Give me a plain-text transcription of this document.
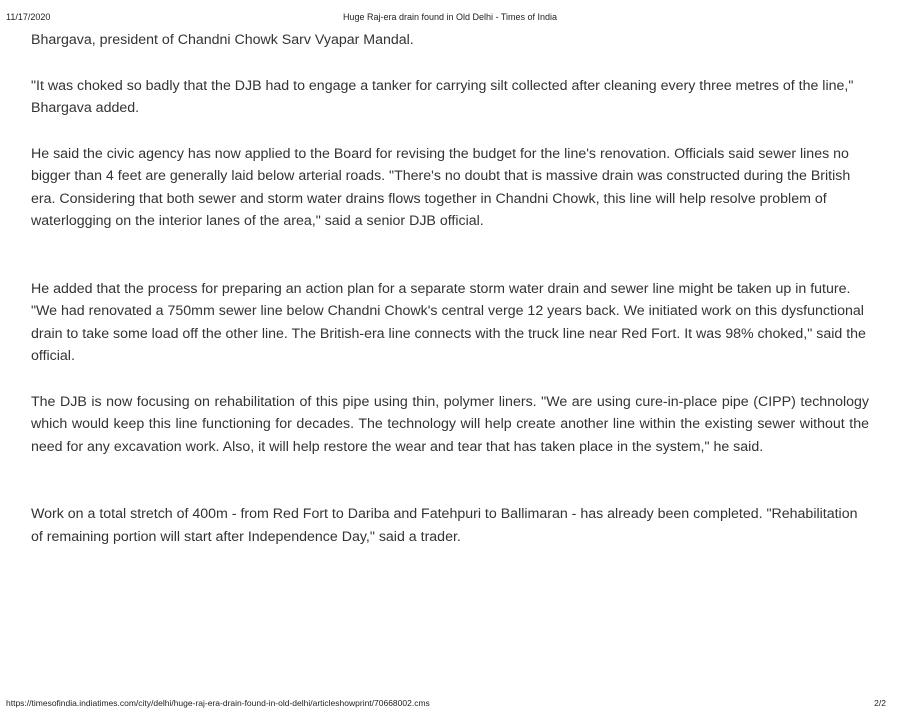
11/17/2020	Huge Raj-era drain found in Old Delhi - Times of India

Bhargava, president of Chandni Chowk Sarv Vyapar Mandal.

"It was choked so badly that the DJB had to engage a tanker for carrying silt collected after cleaning every three metres of the line," Bhargava added.

He said the civic agency has now applied to the Board for revising the budget for the line's renovation. Officials said sewer lines no bigger than 4 feet are generally laid below arterial roads. "There's no doubt that is massive drain was constructed during the British era. Considering that both sewer and storm water drains flows together in Chandni Chowk, this line will help resolve problem of waterlogging on the interior lanes of the area," said a senior DJB official.

He added that the process for preparing an action plan for a separate storm water drain and sewer line might be taken up in future. "We had renovated a 750mm sewer line below Chandni Chowk's central verge 12 years back. We initiated work on this dysfunctional drain to take some load off the other line. The British-era line connects with the truck line near Red Fort. It was 98% choked," said the official.

The DJB is now focusing on rehabilitation of this pipe using thin, polymer liners. "We are using cure-in-place pipe (CIPP) technology which would keep this line functioning for decades. The technology will help create another line within the existing sewer without the need for any excavation work. Also, it will help restore the wear and tear that has taken place in the system," he said.

Work on a total stretch of 400m - from Red Fort to Dariba and Fatehpuri to Ballimaran - has already been completed. "Rehabilitation of remaining portion will start after Independence Day," said a trader.

https://timesofindia.indiatimes.com/city/delhi/huge-raj-era-drain-found-in-old-delhi/articleshowprint/70668002.cms	2/2
